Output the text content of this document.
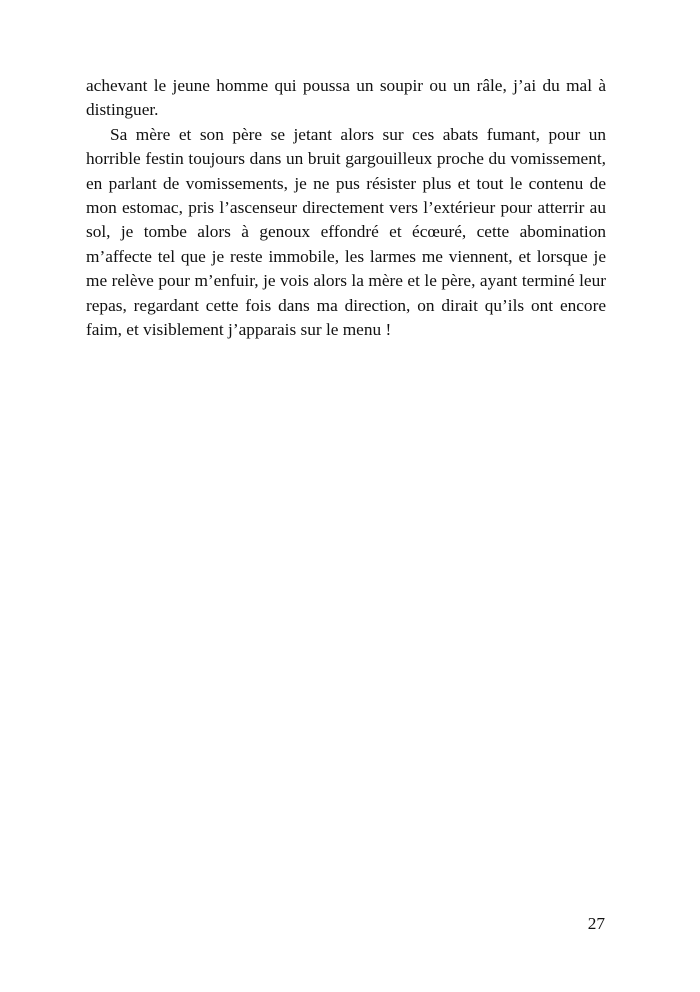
achevant le jeune homme qui poussa un soupir ou un râle, j’ai du mal à distinguer.

Sa mère et son père se jetant alors sur ces abats fumant, pour un horrible festin toujours dans un bruit gargouilleux proche du vomissement, en parlant de vomissements, je ne pus résister plus et tout le contenu de mon estomac, pris l’ascenseur directement vers l’extérieur pour atterrir au sol, je tombe alors à genoux effondré et écœuré, cette abomination m’affecte tel que je reste immobile, les larmes me viennent, et lorsque je me relève pour m’enfuir, je vois alors la mère et le père, ayant terminé leur repas, regardant cette fois dans ma direction, on dirait qu’ils ont encore faim, et visiblement j’apparais sur le menu !

27
